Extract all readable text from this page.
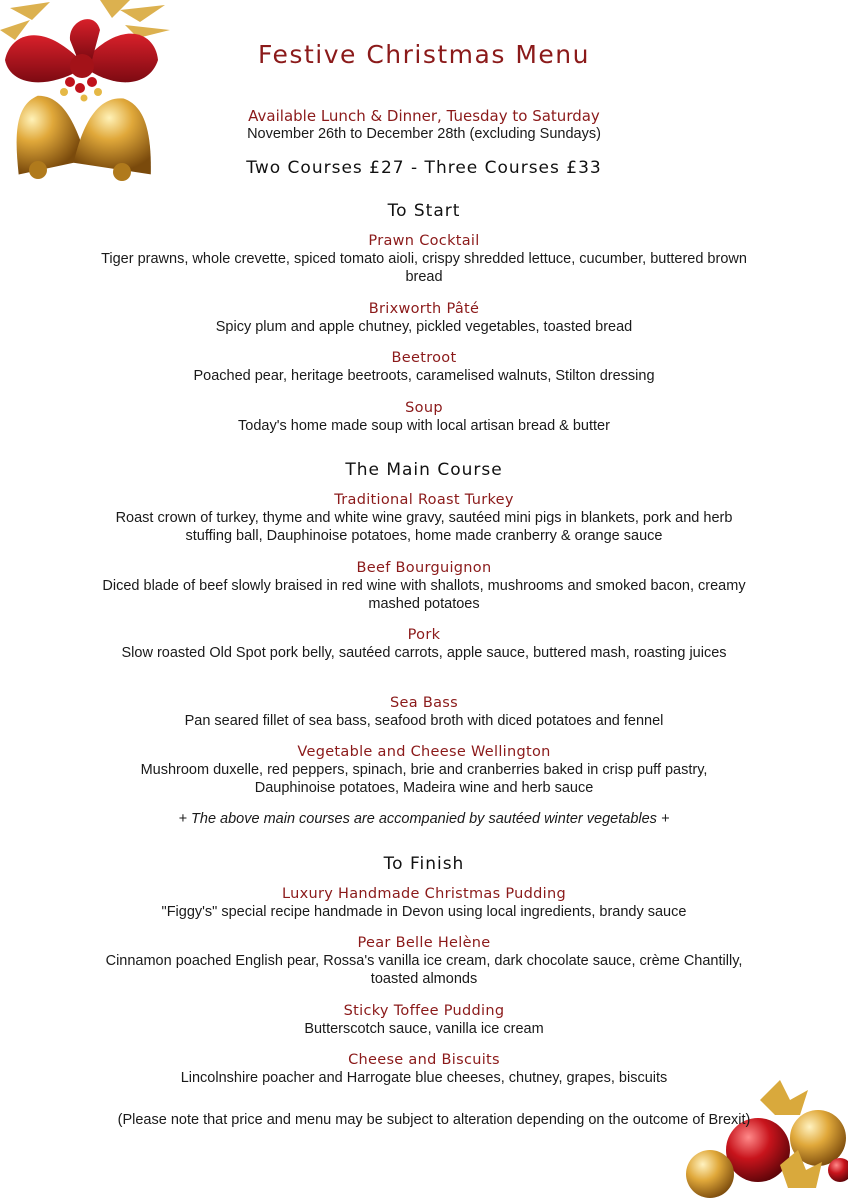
Festive Christmas Menu
Available Lunch & Dinner, Tuesday to Saturday
November 26th to December 28th (excluding Sundays)
Two Courses £27 - Three Courses £33
To Start
Prawn Cocktail
Tiger prawns, whole crevette, spiced tomato aioli, crispy shredded lettuce, cucumber, buttered brown bread
Brixworth Pâté
Spicy plum and apple chutney, pickled vegetables, toasted bread
Beetroot
Poached pear, heritage beetroots, caramelised walnuts, Stilton dressing
Soup
Today's home made soup with local artisan bread & butter
The Main Course
Traditional Roast Turkey
Roast crown of turkey, thyme and white wine gravy, sautéed mini pigs in blankets, pork and herb stuffing ball, Dauphinoise potatoes, home made cranberry & orange sauce
Beef Bourguignon
Diced blade of beef slowly braised in red wine with shallots, mushrooms and smoked bacon, creamy mashed potatoes
Pork
Slow roasted Old Spot pork belly, sautéed carrots, apple sauce, buttered mash, roasting juices
Sea Bass
Pan seared fillet of sea bass, seafood broth with diced potatoes and fennel
Vegetable and Cheese Wellington
Mushroom duxelle, red peppers, spinach, brie and cranberries baked in crisp puff pastry, Dauphinoise potatoes, Madeira wine and herb sauce
+ The above main courses are accompanied by sautéed winter vegetables +
To Finish
Luxury Handmade Christmas Pudding
"Figgy's" special recipe handmade in Devon using local ingredients, brandy sauce
Pear Belle Helène
Cinnamon poached English pear, Rossa's vanilla ice cream, dark chocolate sauce, crème Chantilly, toasted almonds
Sticky Toffee Pudding
Butterscotch sauce, vanilla ice cream
Cheese and Biscuits
Lincolnshire poacher and Harrogate blue cheeses, chutney, grapes, biscuits
(Please note that price and menu may be subject to alteration depending on the outcome of Brexit)
